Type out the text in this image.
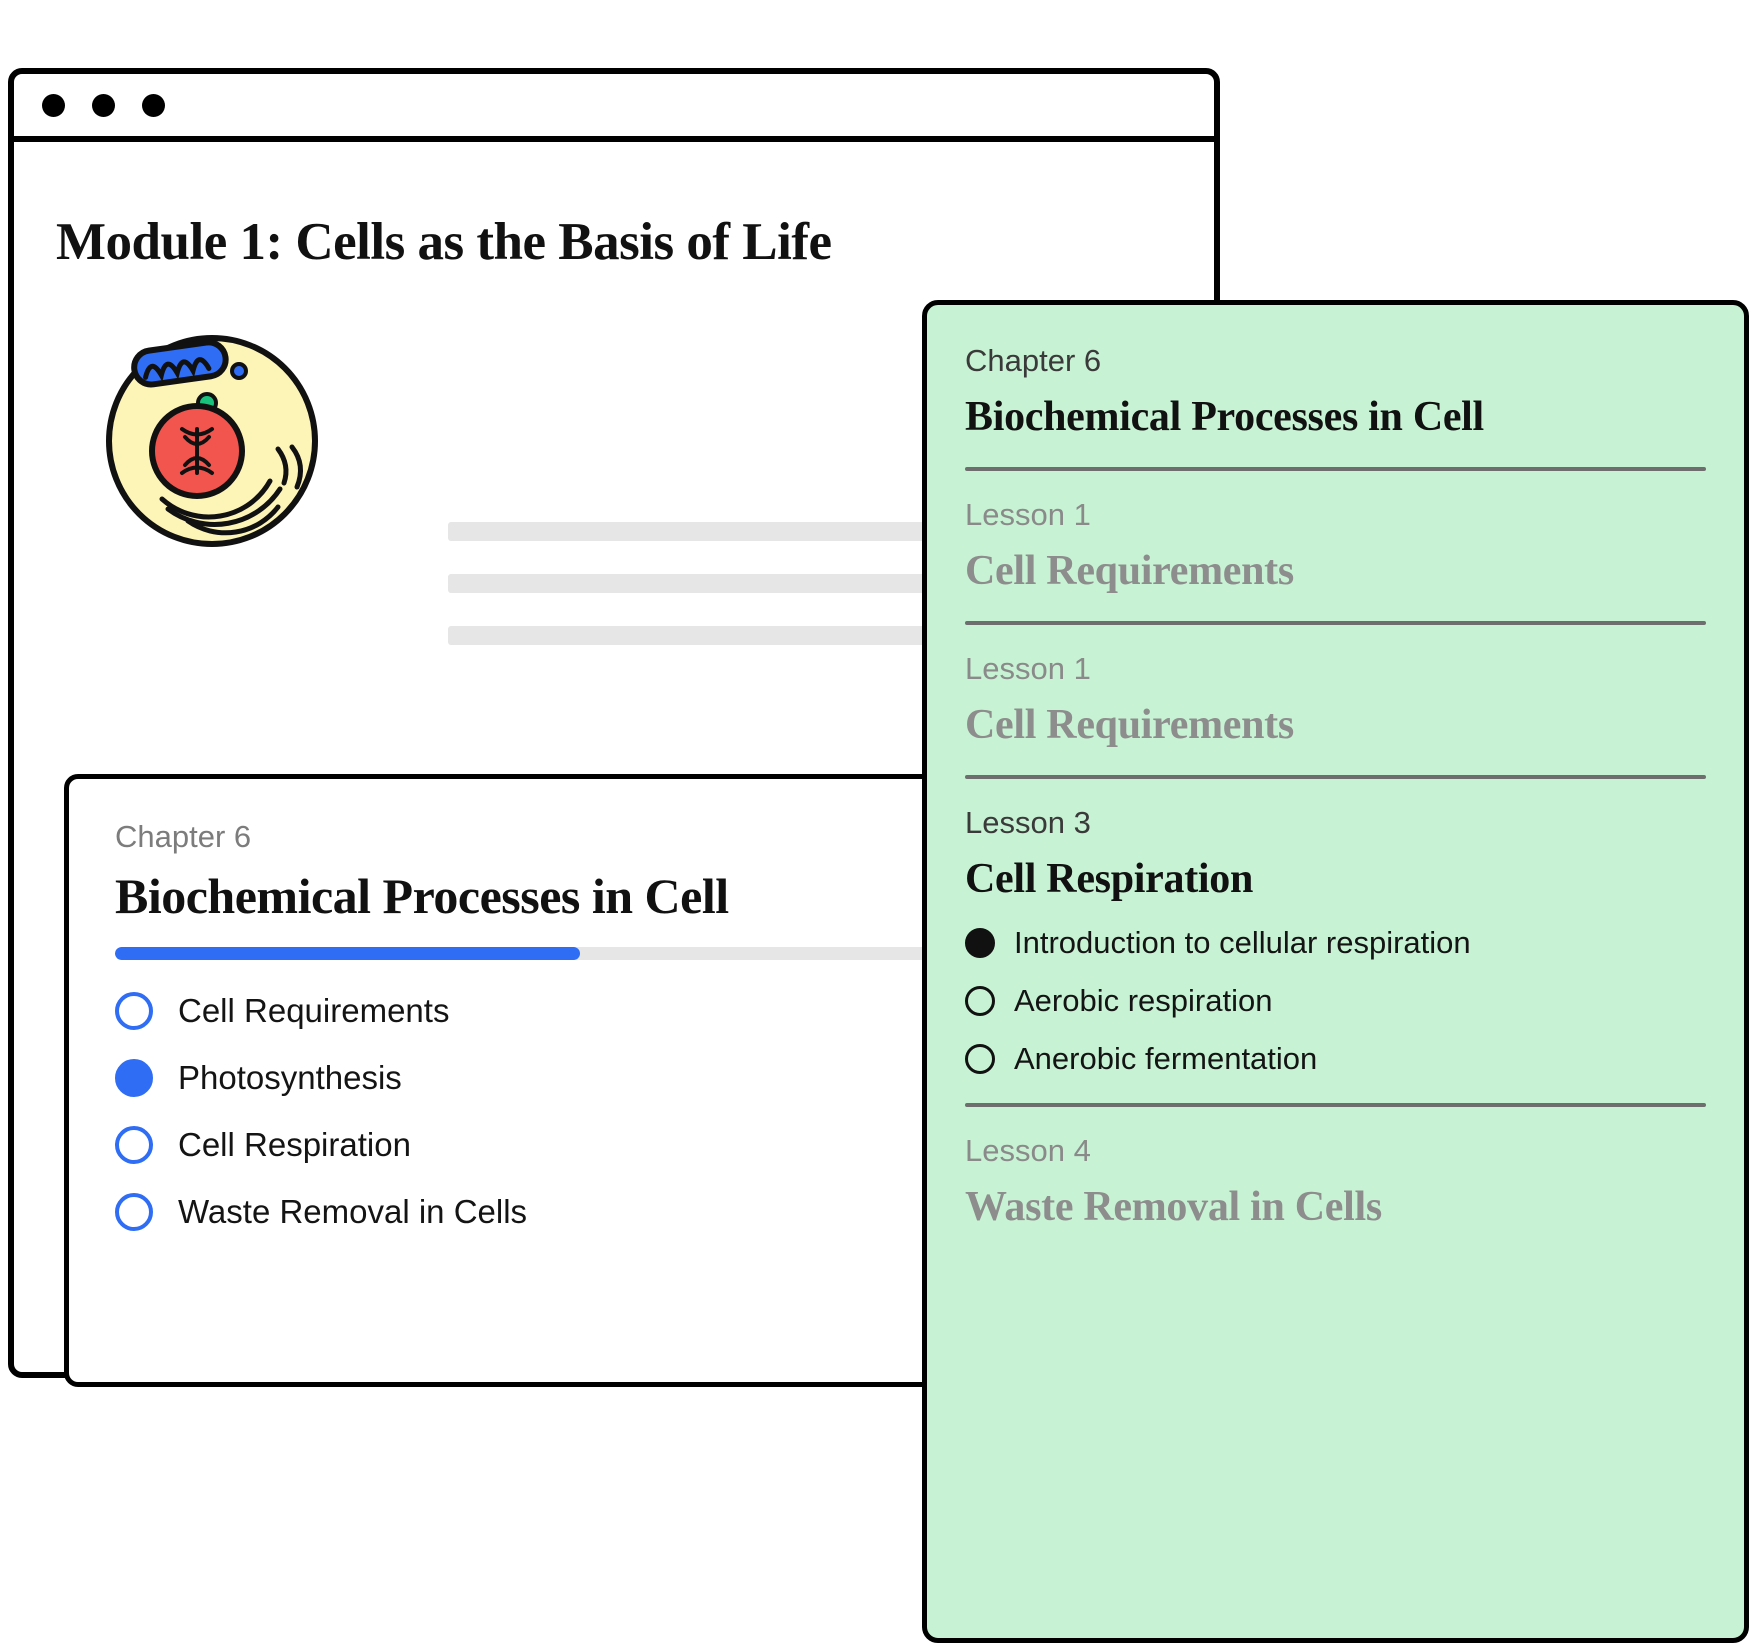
Module 1: Cells as the Basis of Life
Chapter 6
Biochemical Processes in Cell
Cell Requirements
Photosynthesis
Cell Respiration
Waste Removal in Cells
Chapter 6
Biochemical Processes in Cell
Lesson 1
Cell Requirements
Lesson 1
Cell Requirements
Lesson 3
Cell Respiration
Introduction to cellular respiration
Aerobic respiration
Anerobic fermentation
Lesson 4
Waste Removal in Cells
